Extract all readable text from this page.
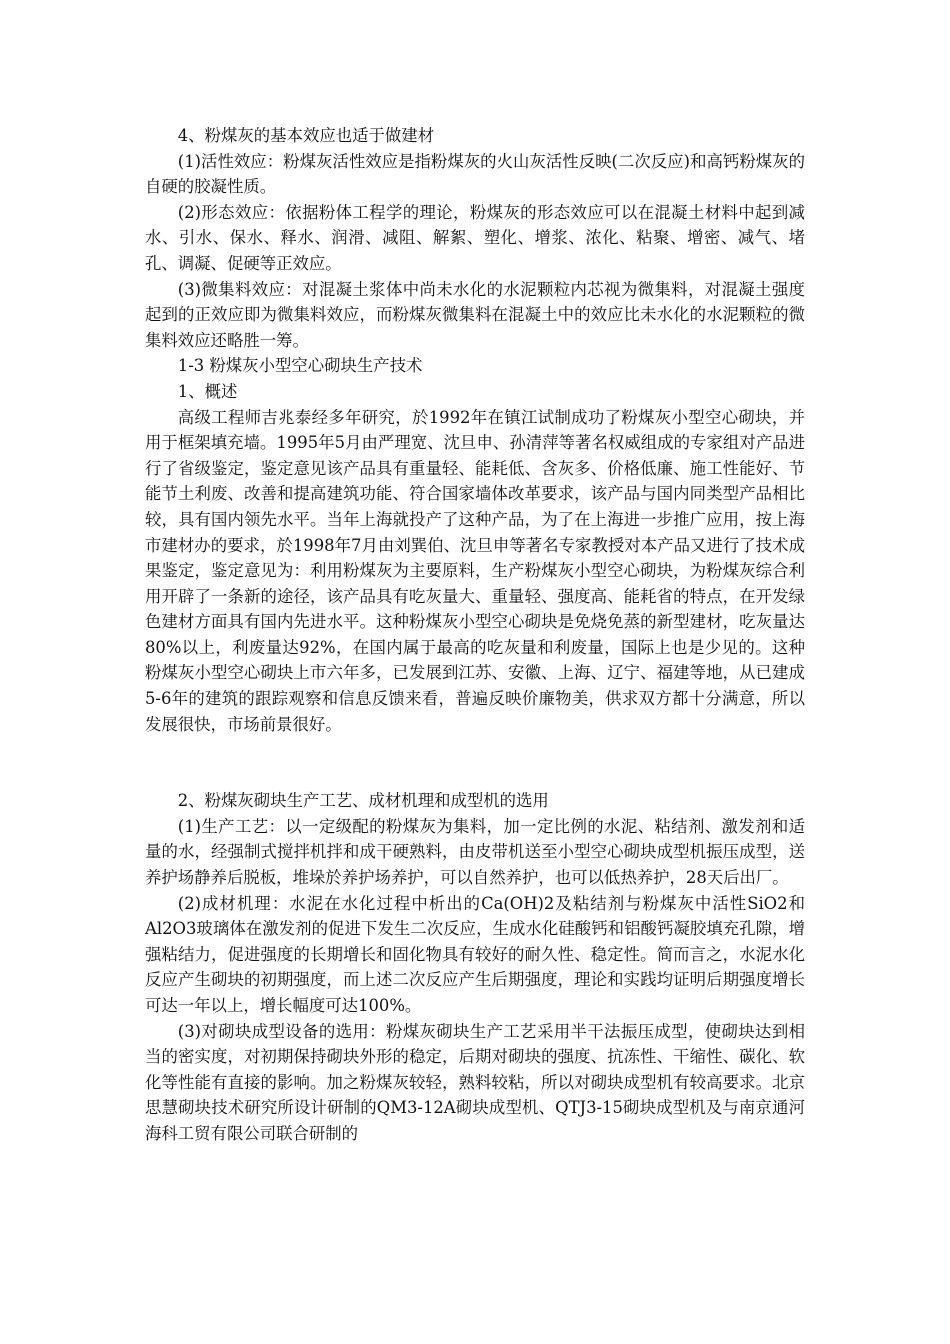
4、粉煤灰的基本效应也适于做建材

(1)活性效应：粉煤灰活性效应是指粉煤灰的火山灰活性反映(二次反应)和高钙粉煤灰的自硬的胶凝性质。

(2)形态效应：依据粉体工程学的理论，粉煤灰的形态效应可以在混凝土材料中起到减水、引水、保水、释水、润滑、减阻、解絮、塑化、增浆、浓化、粘聚、增密、减气、堵孔、调凝、促硬等正效应。

(3)微集料效应：对混凝土浆体中尚未水化的水泥颗粒内芯视为微集料，对混凝土强度起到的正效应即为微集料效应，而粉煤灰微集料在混凝土中的效应比未水化的水泥颗粒的微集料效应还略胜一筹。

1-3 粉煤灰小型空心砌块生产技术

1、概述

高级工程师吉兆泰经多年研究，於1992年在镇江试制成功了粉煤灰小型空心砌块，并用于框架填充墙。1995年5月由严理宽、沈旦申、孙清萍等著名权威组成的专家组对产品进行了省级鉴定，鉴定意见该产品具有重量轻、能耗低、含灰多、价格低廉、施工性能好、节能节土利废、改善和提高建筑功能、符合国家墙体改革要求，该产品与国内同类型产品相比较，具有国内领先水平。当年上海就投产了这种产品，为了在上海进一步推广应用，按上海市建材办的要求，於1998年7月由刘巽伯、沈旦申等著名专家教授对本产品又进行了技术成果鉴定，鉴定意见为：利用粉煤灰为主要原料，生产粉煤灰小型空心砌块，为粉煤灰综合利用开辟了一条新的途径，该产品具有吃灰量大、重量轻、强度高、能耗省的特点，在开发绿色建材方面具有国内先进水平。这种粉煤灰小型空心砌块是免烧免蒸的新型建材，吃灰量达80%以上，利废量达92%，在国内属于最高的吃灰量和利废量，国际上也是少见的。这种粉煤灰小型空心砌块上市六年多，已发展到江苏、安徽、上海、辽宁、福建等地，从已建成5-6年的建筑的跟踪观察和信息反馈来看，普遍反映价廉物美，供求双方都十分满意，所以发展很快，市场前景很好。

2、粉煤灰砌块生产工艺、成材机理和成型机的选用

(1)生产工艺：以一定级配的粉煤灰为集料，加一定比例的水泥、粘结剂、激发剂和适量的水，经强制式搅拌机拌和成干硬熟料，由皮带机送至小型空心砌块成型机振压成型，送养护场静养后脱板，堆垛於养护场养护，可以自然养护，也可以低热养护，28天后出厂。

(2)成材机理：水泥在水化过程中析出的Ca(OH)2及粘结剂与粉煤灰中活性SiO2和Al2O3玻璃体在激发剂的促进下发生二次反应，生成水化硅酸钙和铝酸钙凝胶填充孔隙，增强粘结力，促进强度的长期增长和固化物具有较好的耐久性、稳定性。简而言之，水泥水化反应产生砌块的初期强度，而上述二次反应产生后期强度，理论和实践均证明后期强度增长可达一年以上，增长幅度可达100%。

(3)对砌块成型设备的选用：粉煤灰砌块生产工艺采用半干法振压成型，使砌块达到相当的密实度，对初期保持砌块外形的稳定，后期对砌块的强度、抗冻性、干缩性、碳化、软化等性能有直接的影响。加之粉煤灰较轻，熟料较粘，所以对砌块成型机有较高要求。北京思慧砌块技术研究所设计研制的QM3-12A砌块成型机、QTJ3-15砌块成型机及与南京通河海科工贸有限公司联合研制的
